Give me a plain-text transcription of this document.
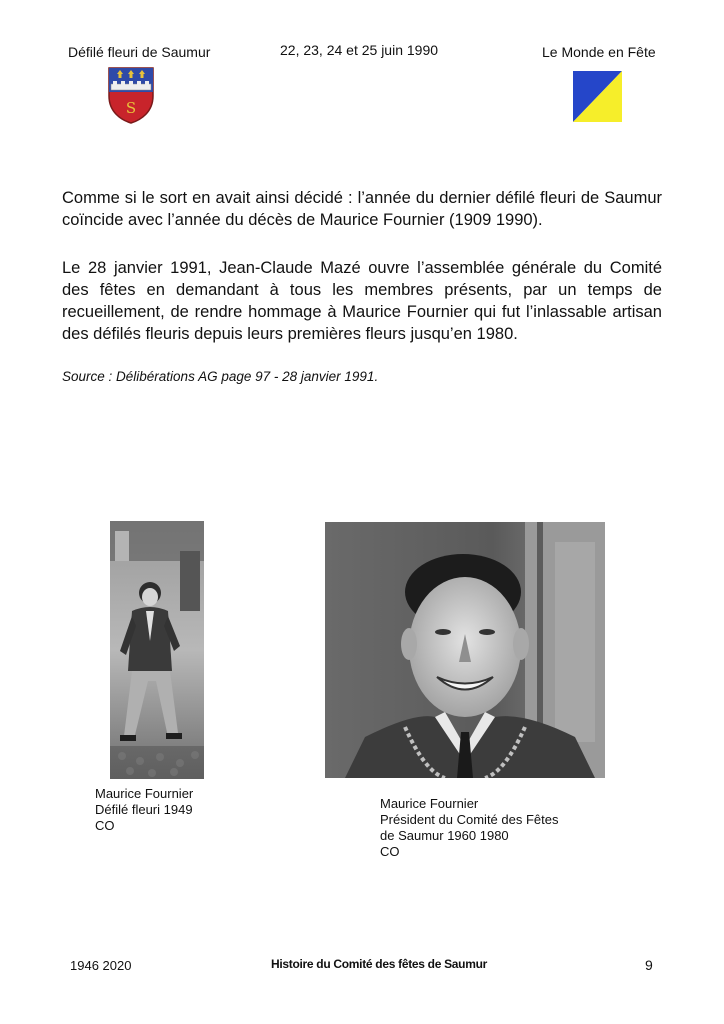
Défilé fleuri de Saumur	22, 23, 24 et 25 juin 1990	Le Monde en Fête
S
Comme si le sort en avait ainsi décidé : l’année du dernier défilé fleuri de Saumur coïncide avec l’année du décès de Maurice Fournier (1909 1990).
Le 28 janvier 1991, Jean-Claude Mazé ouvre l’assemblée générale du Comité des fêtes en demandant à tous les membres présents, par un temps de recueillement, de rendre hommage à Maurice Fournier qui fut l’inlassable artisan des défilés fleuris depuis leurs premières fleurs jusqu’en 1980.
Source : Délibérations AG page 97 - 28 janvier 1991.
Maurice Fournier
Défilé fleuri 1949
CO
Maurice Fournier
Président du Comité des Fêtes
de Saumur 1960 1980
CO
1946 2020	Histoire du Comité des fêtes de Saumur	9
